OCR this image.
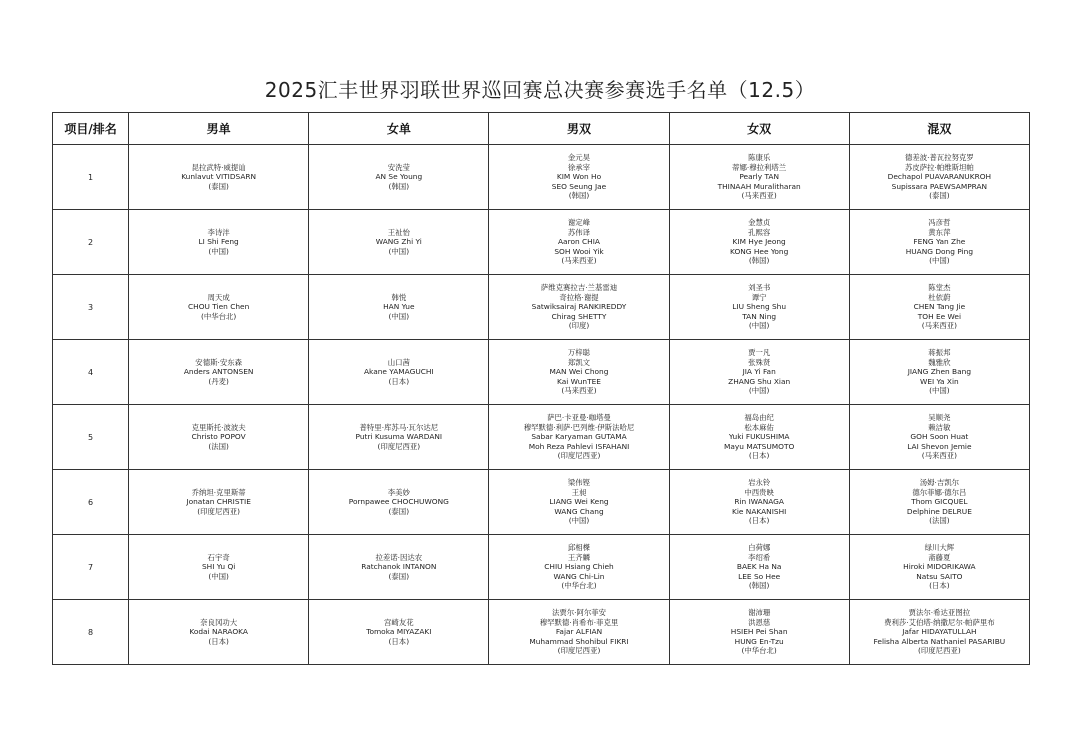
2025汇丰世界羽联世界巡回赛总决赛参赛选手名单（12.5）
项目/排名	男单	女单	男双	女双	混双
1	昆拉武特·威提讪
Kunlavut VITIDSARN
(泰国)	安洗莹
AN Se Young
(韩国)	金元昊
徐承宰
KIM Won Ho
SEO Seung Jae
(韩国)	陈康乐
蒂娜·穆拉利塔兰
Pearly TAN
THINAAH Muralitharan
(马来西亚)	德差波·普瓦拉努克罗
苏皮萨拉·帕维斯坦帕
Dechapol PUAVARANUKROH
Supissara PAEWSAMPRAN
(泰国)

2	李诗沣
LI Shi Feng
(中国)	王祉怡
WANG Zhi Yi
(中国)	谢定峰
苏伟译
Aaron CHIA
SOH Wooi Yik
(马来西亚)	金慧贞
孔熙容
KIM Hye Jeong
KONG Hee Yong
(韩国)	冯彦哲
黄东萍
FENG Yan Zhe
HUANG Dong Ping
(中国)

3	周天成
CHOU Tien Chen
(中华台北)	韩悦
HAN Yue
(中国)	萨维克赛拉吉·兰基雷迪
奇拉格·谢提
Satwiksairaj RANKIREDDY
Chirag SHETTY
(印度)	刘圣书
谭宁
LIU Sheng Shu
TAN Ning
(中国)	陈堂杰
杜依蔚
CHEN Tang Jie
TOH Ee Wei
(马来西亚)

4	安德斯·安东森
Anders ANTONSEN
(丹麦)	山口茜
Akane YAMAGUCHI
(日本)	万梓聪
郑凯文
MAN Wei Chong
Kai WunTEE
(马来西亚)	贾一凡
张殊贤
JIA Yi Fan
ZHANG Shu Xian
(中国)	蒋振邦
魏雅欣
JIANG Zhen Bang
WEI Ya Xin
(中国)

5	克里斯托·波波夫
Christo POPOV
(法国)	普特里·库苏马·瓦尔达尼
Putri Kusuma WARDANI
(印度尼西亚)	萨巴·卡亚曼·咖塔曼
穆罕默德·利萨·巴列维·伊斯法哈尼
Sabar Karyaman GUTAMA
Moh Reza Pahlevi ISFAHANI
(印度尼西亚)	福岛由纪
松本麻佑
Yuki FUKUSHIMA
Mayu MATSUMOTO
(日本)	吴顺尧
赖洁敏
GOH Soon Huat
LAI Shevon Jemie
(马来西亚)

6	乔纳坦·克里斯蒂
Jonatan CHRISTIE
(印度尼西亚)	李美妙
Pornpawee CHOCHUWONG
(泰国)	梁伟铿
王昶
LIANG Wei Keng
WANG Chang
(中国)	岩永铃
中西贵映
Rin IWANAGA
Kie NAKANISHI
(日本)	汤姆·吉凯尔
德尔菲娜·德尔吕
Thom GICQUEL
Delphine DELRUE
(法国)

7	石宇奇
SHI Yu Qi
(中国)	拉差诺·因达农
Ratchanok INTANON
(泰国)	邱相榤
王齐麟
CHIU Hsiang Chieh
WANG Chi-Lin
(中华台北)	白荷娜
李绍希
BAEK Ha Na
LEE So Hee
(韩国)	绿川大辉
斋藤夏
Hiroki MIDORIKAWA
Natsu SAITO
(日本)

8	奈良冈功大
Kodai NARAOKA
(日本)	宫崎友花
Tomoka MIYAZAKI
(日本)	法贾尔·阿尔菲安
穆罕默德·肖希布·菲克里
Fajar ALFIAN
Muhammad Shohibul FIKRI
(印度尼西亚)	谢沛珊
洪恩慈
HSIEH Pei Shan
HUNG En-Tzu
(中华台北)	贾法尔·希达亚图拉
费利莎·艾伯塔·纳撒尼尔·帕萨里布
Jafar HIDAYATULLAH
Felisha Alberta Nathaniel PASARIBU
(印度尼西亚)
